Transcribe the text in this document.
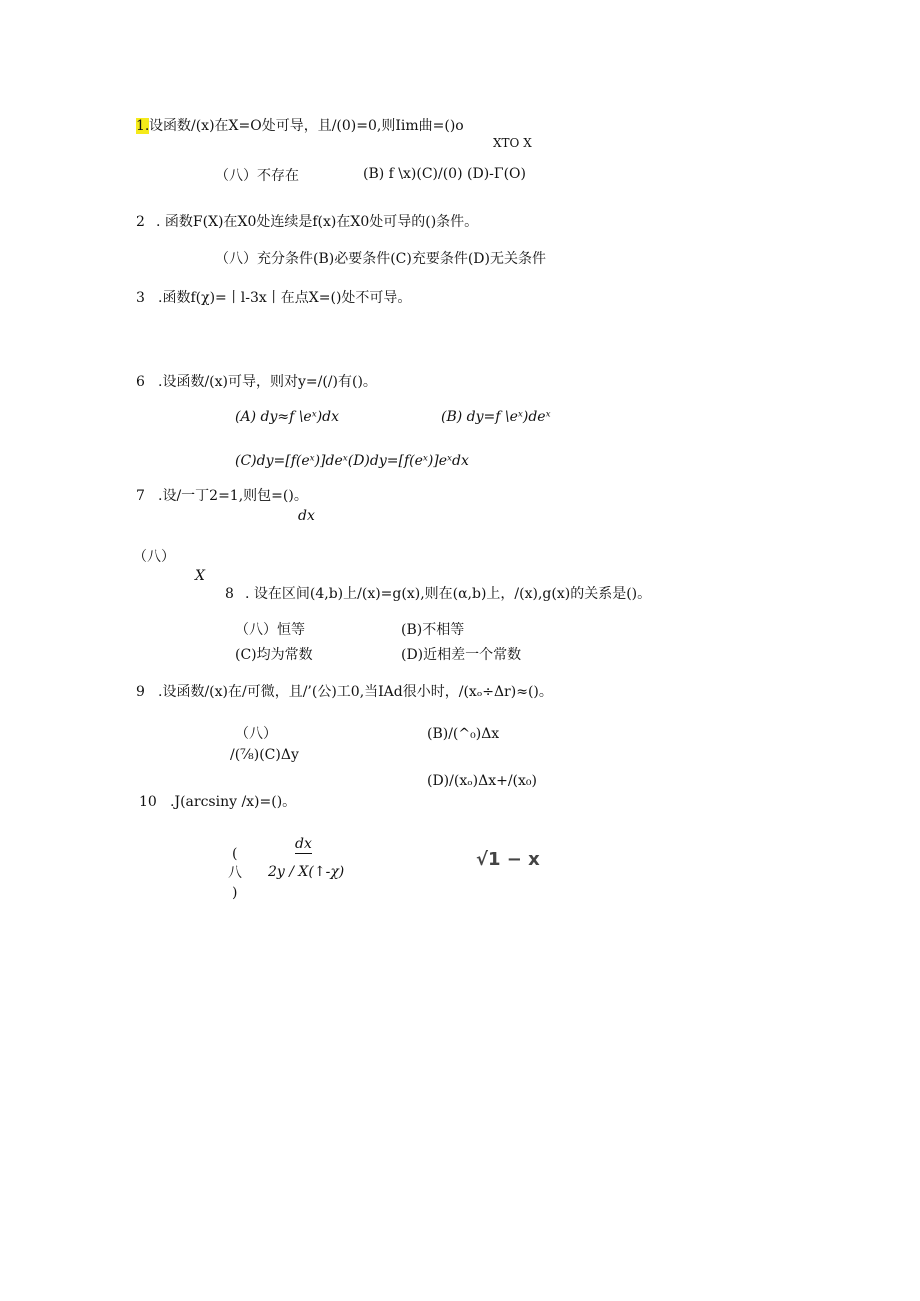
1. 设函数/(x)在X=O处可导，且/(0)=0,则Iim曲=()o
XTO X
（八）不存在	(B) f \x)(C)/(0) (D)-Γ(O)
2 . 函数F(X)在X0处连续是f(x)在X0处可导的()条件。
（八）充分条件(B)必要条件(C)充要条件(D)无关条件
3 .函数f(χ)=丨l-3x丨在点X=()处不可导。
6 .设函数/(x)可导，则对y=/(/)有()。
(A) dy≈f \eˣ)dx	(B) dy=f \eˣ)deˣ
(C)dy=[f(eˣ)]deˣ(D)dy=[f(eˣ)]eˣdx
7 .设/一丁2=1,则包=()。
dx
（八）
X
8 . 设在区间(4,b)上/(x)=g(x),则在(α,b)上，/(x),g(x)的关系是()。
（八）恒等	(B)不相等
(C)均为常数	(D)近相差一个常数
9 .设函数/(x)在/可微，且/’(公)工0,当IAd很小时，/(xₒ÷Δr)≈()。
（八）	(B)/(^₀)Δx
/(⅞)(C)Δy
(D)/(xₒ)Δx+/(x₀)
10 .J(arcsiny /x)=()。
dx
(
八
)
2y / X(↑-χ)
√1 − x
